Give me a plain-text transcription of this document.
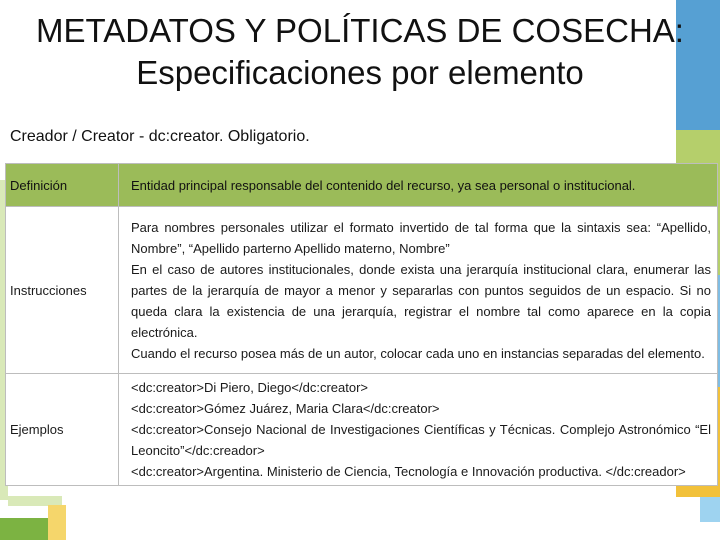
METADATOS Y POLÍTICAS DE COSECHA:
Especificaciones por elemento
Creador / Creator - dc:creator. Obligatorio.
Definición	Entidad principal responsable del contenido del recurso, ya sea personal o institucional.
Instrucciones	Para nombres personales utilizar el formato invertido de tal forma que la sintaxis sea: “Apellido, Nombre”, “Apellido parterno Apellido materno, Nombre”
En el caso de autores institucionales, donde exista una jerarquía institucional clara, enumerar las partes de la jerarquía de mayor a menor y separarlas con puntos seguidos de un espacio. Si no queda clara la existencia de una jerarquía, registrar el nombre tal como aparece en la copia electrónica.
Cuando el recurso posea más de un autor, colocar cada uno en instancias separadas del elemento.

Ejemplos	<dc:creator>Di Piero, Diego</dc:creator>
<dc:creator>Gómez Juárez, Maria Clara</dc:creator>
<dc:creator>Consejo Nacional de Investigaciones Científicas y Técnicas. Complejo Astronómico “El Leoncito”</dc:creador>
<dc:creator>Argentina. Ministerio de Ciencia, Tecnología e Innovación productiva. </dc:creador>
